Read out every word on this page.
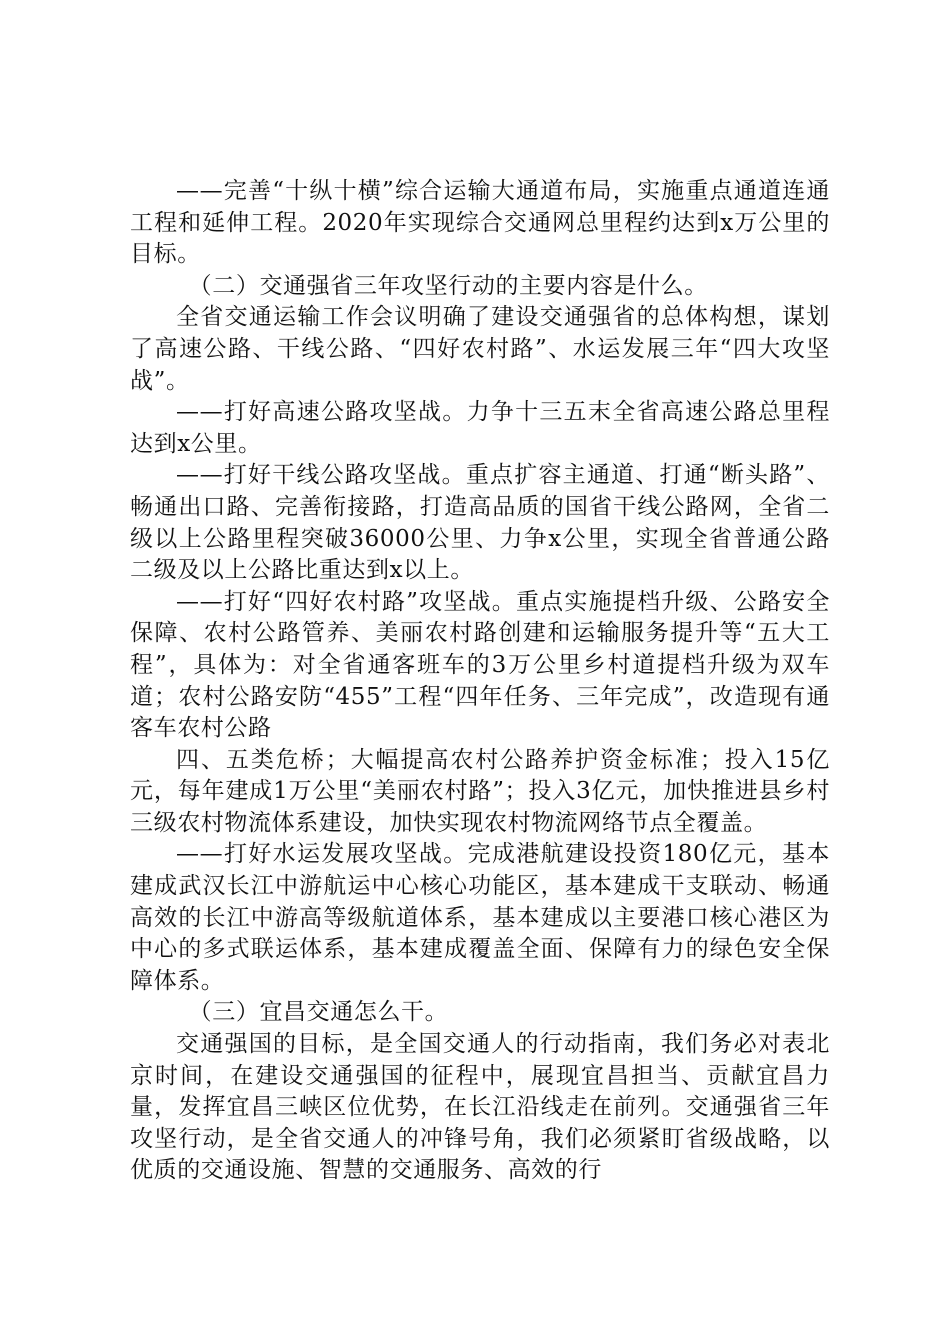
——完善“十纵十横”综合运输大通道布局，实施重点通道连通工程和延伸工程。2020年实现综合交通网总里程约达到x万公里的目标。

（二）交通强省三年攻坚行动的主要内容是什么。

全省交通运输工作会议明确了建设交通强省的总体构想，谋划了高速公路、干线公路、“四好农村路”、水运发展三年“四大攻坚战”。

——打好高速公路攻坚战。力争十三五末全省高速公路总里程达到x公里。

——打好干线公路攻坚战。重点扩容主通道、打通“断头路”、畅通出口路、完善衔接路，打造高品质的国省干线公路网，全省二级以上公路里程突破36000公里、力争x公里，实现全省普通公路二级及以上公路比重达到x以上。

——打好“四好农村路”攻坚战。重点实施提档升级、公路安全保障、农村公路管养、美丽农村路创建和运输服务提升等“五大工程”，具体为：对全省通客班车的3万公里乡村道提档升级为双车道；农村公路安防“455”工程“四年任务、三年完成”，改造现有通客车农村公路

四、五类危桥；大幅提高农村公路养护资金标准；投入15亿元，每年建成1万公里“美丽农村路”；投入3亿元，加快推进县乡村三级农村物流体系建设，加快实现农村物流网络节点全覆盖。

——打好水运发展攻坚战。完成港航建设投资180亿元，基本建成武汉长江中游航运中心核心功能区，基本建成干支联动、畅通高效的长江中游高等级航道体系，基本建成以主要港口核心港区为中心的多式联运体系，基本建成覆盖全面、保障有力的绿色安全保障体系。

（三）宜昌交通怎么干。

交通强国的目标，是全国交通人的行动指南，我们务必对表北京时间，在建设交通强国的征程中，展现宜昌担当、贡献宜昌力量，发挥宜昌三峡区位优势，在长江沿线走在前列。交通强省三年攻坚行动，是全省交通人的冲锋号角，我们必须紧盯省级战略，以优质的交通设施、智慧的交通服务、高效的行
